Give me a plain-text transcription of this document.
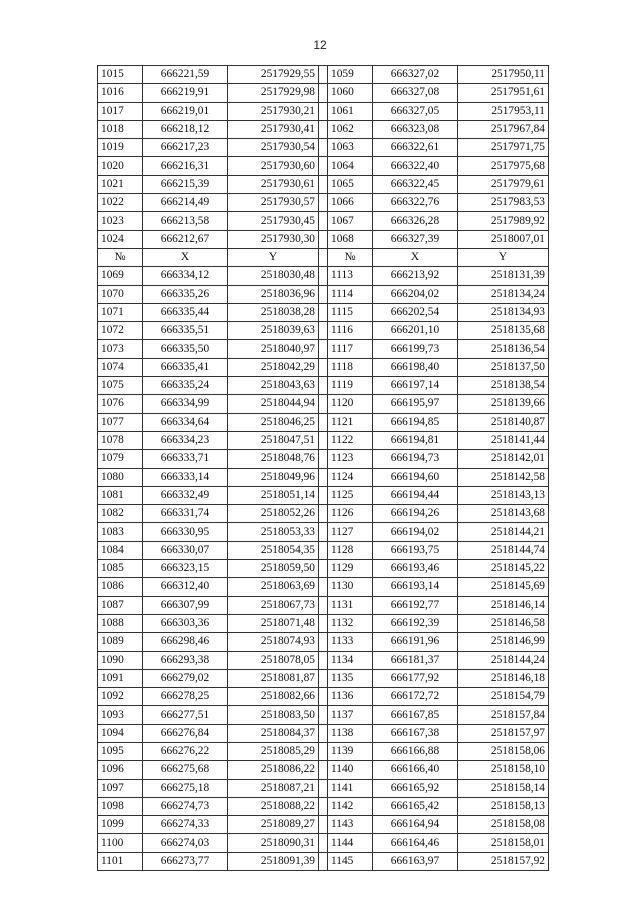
12
1015	666221,59	2517929,55		1059	666327,02	2517950,11
1016	666219,91	2517929,98		1060	666327,08	2517951,61
1017	666219,01	2517930,21		1061	666327,05	2517953,11
1018	666218,12	2517930,41		1062	666323,08	2517967,84
1019	666217,23	2517930,54		1063	666322,61	2517971,75
1020	666216,31	2517930,60		1064	666322,40	2517975,68
1021	666215,39	2517930,61		1065	666322,45	2517979,61
1022	666214,49	2517930,57		1066	666322,76	2517983,53
1023	666213,58	2517930,45		1067	666326,28	2517989,92
1024	666212,67	2517930,30		1068	666327,39	2518007,01
№	X	Y		№	X	Y
1069	666334,12	2518030,48		1113	666213,92	2518131,39
1070	666335,26	2518036,96		1114	666204,02	2518134,24
1071	666335,44	2518038,28		1115	666202,54	2518134,93
1072	666335,51	2518039,63		1116	666201,10	2518135,68
1073	666335,50	2518040,97		1117	666199,73	2518136,54
1074	666335,41	2518042,29		1118	666198,40	2518137,50
1075	666335,24	2518043,63		1119	666197,14	2518138,54
1076	666334,99	2518044,94		1120	666195,97	2518139,66
1077	666334,64	2518046,25		1121	666194,85	2518140,87
1078	666334,23	2518047,51		1122	666194,81	2518141,44
1079	666333,71	2518048,76		1123	666194,73	2518142,01
1080	666333,14	2518049,96		1124	666194,60	2518142,58
1081	666332,49	2518051,14		1125	666194,44	2518143,13
1082	666331,74	2518052,26		1126	666194,26	2518143,68
1083	666330,95	2518053,33		1127	666194,02	2518144,21
1084	666330,07	2518054,35		1128	666193,75	2518144,74
1085	666323,15	2518059,50		1129	666193,46	2518145,22
1086	666312,40	2518063,69		1130	666193,14	2518145,69
1087	666307,99	2518067,73		1131	666192,77	2518146,14
1088	666303,36	2518071,48		1132	666192,39	2518146,58
1089	666298,46	2518074,93		1133	666191,96	2518146,99
1090	666293,38	2518078,05		1134	666181,37	2518144,24
1091	666279,02	2518081,87		1135	666177,92	2518146,18
1092	666278,25	2518082,66		1136	666172,72	2518154,79
1093	666277,51	2518083,50		1137	666167,85	2518157,84
1094	666276,84	2518084,37		1138	666167,38	2518157,97
1095	666276,22	2518085,29		1139	666166,88	2518158,06
1096	666275,68	2518086,22		1140	666166,40	2518158,10
1097	666275,18	2518087,21		1141	666165,92	2518158,14
1098	666274,73	2518088,22		1142	666165,42	2518158,13
1099	666274,33	2518089,27		1143	666164,94	2518158,08
1100	666274,03	2518090,31		1144	666164,46	2518158,01
1101	666273,77	2518091,39		1145	666163,97	2518157,92
